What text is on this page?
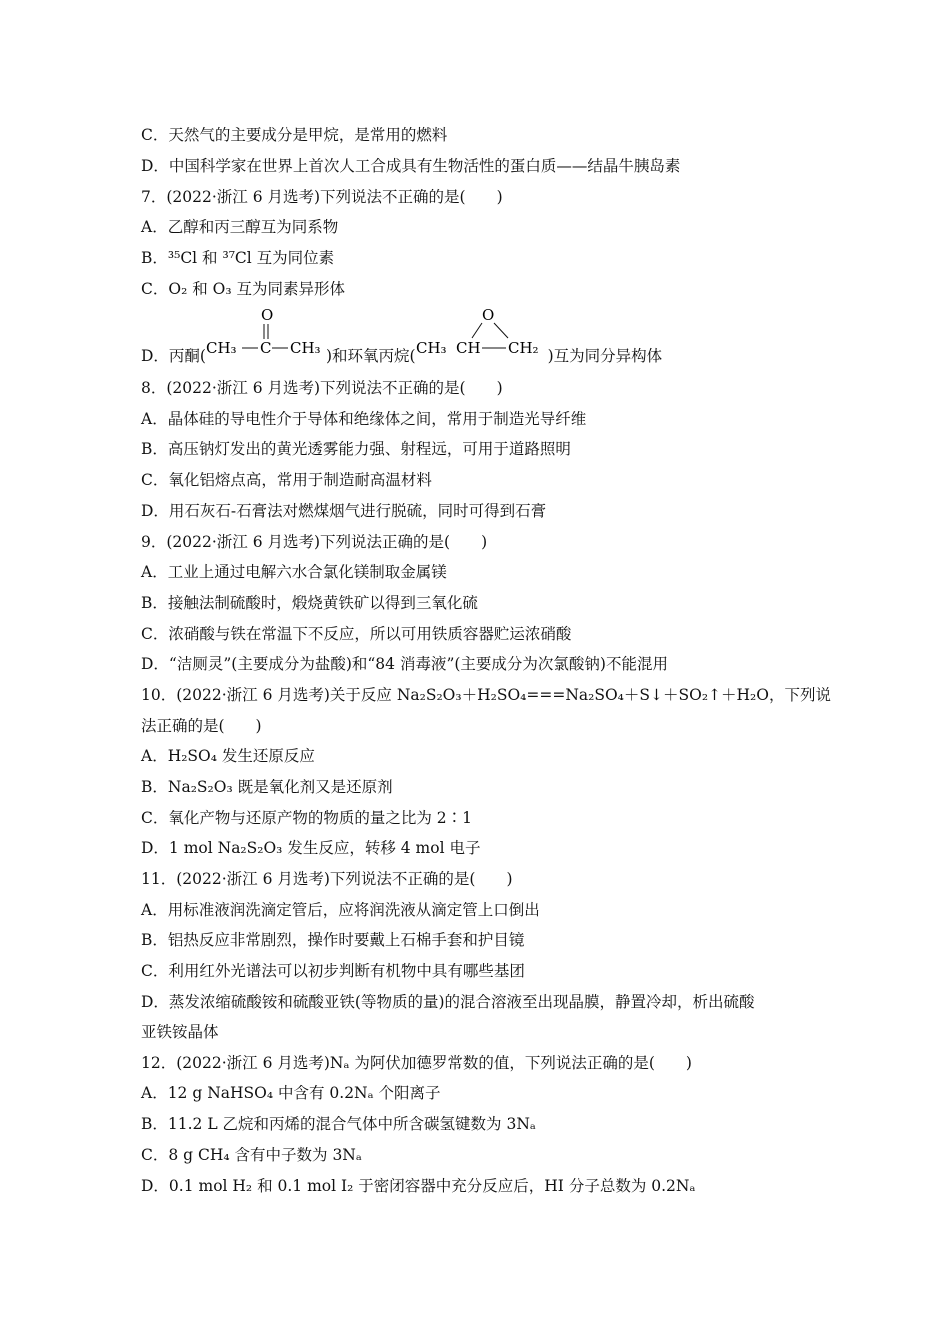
C．天然气的主要成分是甲烷，是常用的燃料
D．中国科学家在世界上首次人工合成具有生物活性的蛋白质——结晶牛胰岛素
7．(2022·浙江 6 月选考)下列说法不正确的是(　　)
A．乙醇和丙三醇互为同系物
B．³⁵Cl 和 ³⁷Cl 互为同位素
C．O₂ 和 O₃ 互为同素异形体
8．(2022·浙江 6 月选考)下列说法不正确的是(　　)
A．晶体硅的导电性介于导体和绝缘体之间，常用于制造光导纤维
B．高压钠灯发出的黄光透雾能力强、射程远，可用于道路照明
C．氧化铝熔点高，常用于制造耐高温材料
D．用石灰石-石膏法对燃煤烟气进行脱硫，同时可得到石膏
9．(2022·浙江 6 月选考)下列说法正确的是(　　)
A．工业上通过电解六水合氯化镁制取金属镁
B．接触法制硫酸时，煅烧黄铁矿以得到三氧化硫
C．浓硝酸与铁在常温下不反应，所以可用铁质容器贮运浓硝酸
D．“洁厕灵”(主要成分为盐酸)和“84 消毒液”(主要成分为次氯酸钠)不能混用
10．(2022·浙江 6 月选考)关于反应 Na₂S₂O₃＋H₂SO₄===Na₂SO₄＋S↓＋SO₂↑＋H₂O，下列说
法正确的是(　　)
A．H₂SO₄ 发生还原反应
B．Na₂S₂O₃ 既是氧化剂又是还原剂
C．氧化产物与还原产物的物质的量之比为 2∶1
D．1 mol Na₂S₂O₃ 发生反应，转移 4 mol 电子
11．(2022·浙江 6 月选考)下列说法不正确的是(　　)
A．用标准液润洗滴定管后，应将润洗液从滴定管上口倒出
B．铝热反应非常剧烈，操作时要戴上石棉手套和护目镜
C．利用红外光谱法可以初步判断有机物中具有哪些基团
D．蒸发浓缩硫酸铵和硫酸亚铁(等物质的量)的混合溶液至出现晶膜，静置冷却，析出硫酸
亚铁铵晶体
12．(2022·浙江 6 月选考)Nₐ 为阿伏加德罗常数的值，下列说法正确的是(　　)
A．12 g NaHSO₄ 中含有 0.2Nₐ 个阳离子
B．11.2 L 乙烷和丙烯的混合气体中所含碳氢键数为 3Nₐ
C．8 g CH₄ 含有中子数为 3Nₐ
D．0.1 mol H₂ 和 0.1 mol I₂ 于密闭容器中充分反应后，HI 分子总数为 0.2Nₐ
D．丙酮(
O
CH₃ C CH₃ )和环氧丙烷(
O
CH₃ CH CH₂ )互为同分异构体
